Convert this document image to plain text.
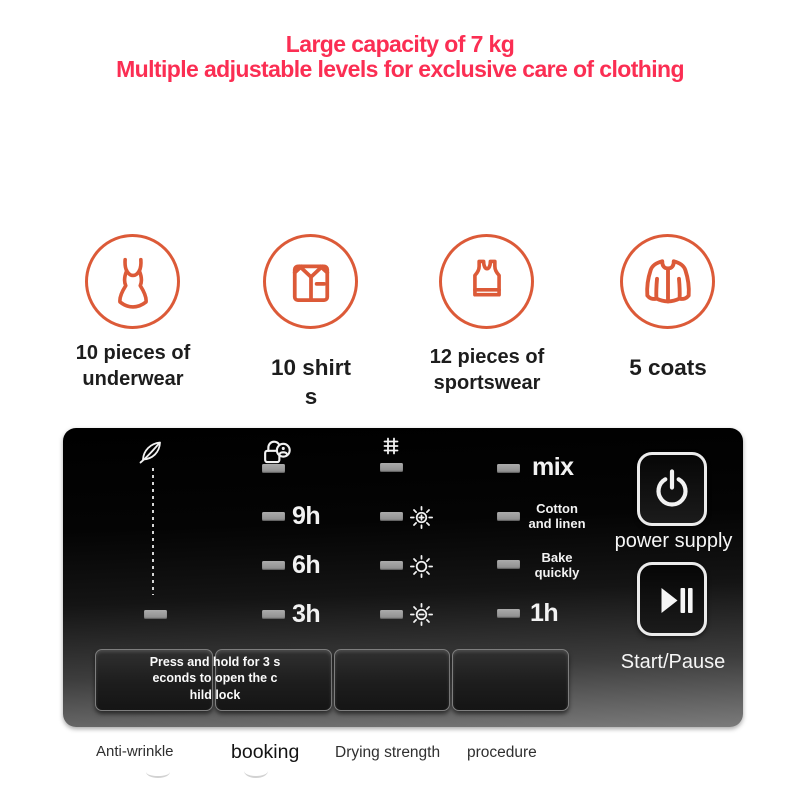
Large capacity of 7 kg
Multiple adjustable levels for exclusive care of clothing
10 pieces of
underwear	10 shirt
s
12 pieces of
sportswear
5 coats
9h
6h
3h
mix
Cotton
and linen
Bake
quickly
1h
power supply
Start/Pause
Press and hold for 3 s
econds to open the c
hild lock
Anti-wrinkle	booking Drying strength procedure
